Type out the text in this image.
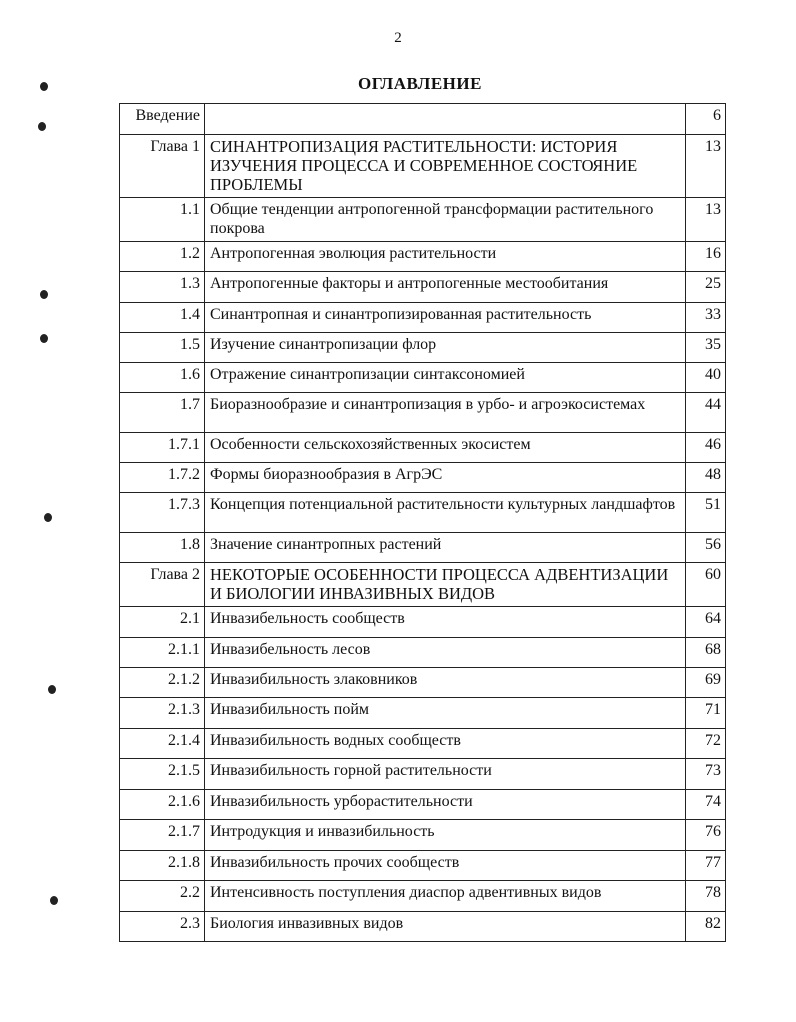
2
ОГЛАВЛЕНИЕ
Введение		6
Глава 1	СИНАНТРОПИЗАЦИЯ РАСТИТЕЛЬНОСТИ: ИСТОРИЯ ИЗУЧЕНИЯ ПРОЦЕССА И СОВРЕМЕННОЕ СОСТОЯНИЕ ПРОБЛЕМЫ	13
1.1	Общие тенденции антропогенной трансформации растительного покрова	13
1.2	Антропогенная эволюция растительности	16
1.3	Антропогенные факторы и антропогенные местообитания	25
1.4	Синантропная и синантропизированная растительность	33
1.5	Изучение синантропизации флор	35
1.6	Отражение синантропизации синтаксономией	40
1.7	Биоразнообразие и синантропизация в урбо- и агроэкосистемах	44
1.7.1	Особенности сельскохозяйственных экосистем	46
1.7.2	Формы биоразнообразия в АгрЭС	48
1.7.3	Концепция потенциальной растительности культурных ландшафтов	51
1.8	Значение синантропных растений	56
Глава 2	НЕКОТОРЫЕ ОСОБЕННОСТИ ПРОЦЕССА АДВЕНТИЗАЦИИ И БИОЛОГИИ ИНВАЗИВНЫХ ВИДОВ	60
2.1	Инвазибельность сообществ	64
2.1.1	Инвазибельность лесов	68
2.1.2	Инвазибильность злаковников	69
2.1.3	Инвазибильность пойм	71
2.1.4	Инвазибильность водных сообществ	72
2.1.5	Инвазибильность горной растительности	73
2.1.6	Инвазибильность урборастительности	74
2.1.7	Интродукция и инвазибильность	76
2.1.8	Инвазибильность прочих сообществ	77
2.2	Интенсивность поступления диаспор адвентивных видов	78
2.3	Биология инвазивных видов	82
